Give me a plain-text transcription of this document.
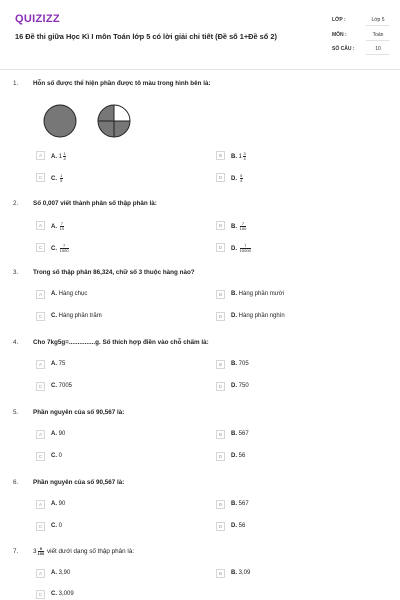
QUIZIZZ
16 Đề thi giữa Học Kì I môn Toán lớp 5 có lời giải chi tiết (Đề số 1+Đề số 2)
LỚP :	Lớp 5
MÔN :	Toán
SỐ CÂU :	10
1. Hỗn số được thể hiện phần được tô màu trong hình bên là:
A	A. $1 \frac{1}{4}$	B	B. $1 \frac{3}{4}$
C	C. $\frac{1}{5}$	D	D. $\frac{5}{4}$
2. Số 0,007 viết thành phân số thập phân là:
A	A. $\frac{7}{10}$	B	B. $\frac{7}{100}$
C	C. $\frac{7}{1000}$	D	D. $\frac{7}{10000}$
3. Trong số thập phân 86,324, chữ số 3 thuộc hàng nào?
A	A. Hàng chục	B	B. Hàng phần mười
C	C. Hàng phần trăm	D	D. Hàng phần nghìn
4. Cho 7kg5g=...............g. Số thích hợp điền vào chỗ chấm là:
A	A. 75	B	B. 705
C	C. 7005	D	D. 750
5. Phần nguyên của số 90,567 là:
A	A. 90	B	B. 567
C	C. 0	D	D. 56
6. Phần nguyên của số 90,567 là:
A	A. 90	B	B. 567
C	C. 0	D	D. 56
7. $3 \frac{9}{100}$ viết dưới dạng số thập phân là:
A	A. 3,90	B	B. 3,09
C	C. 3,009
